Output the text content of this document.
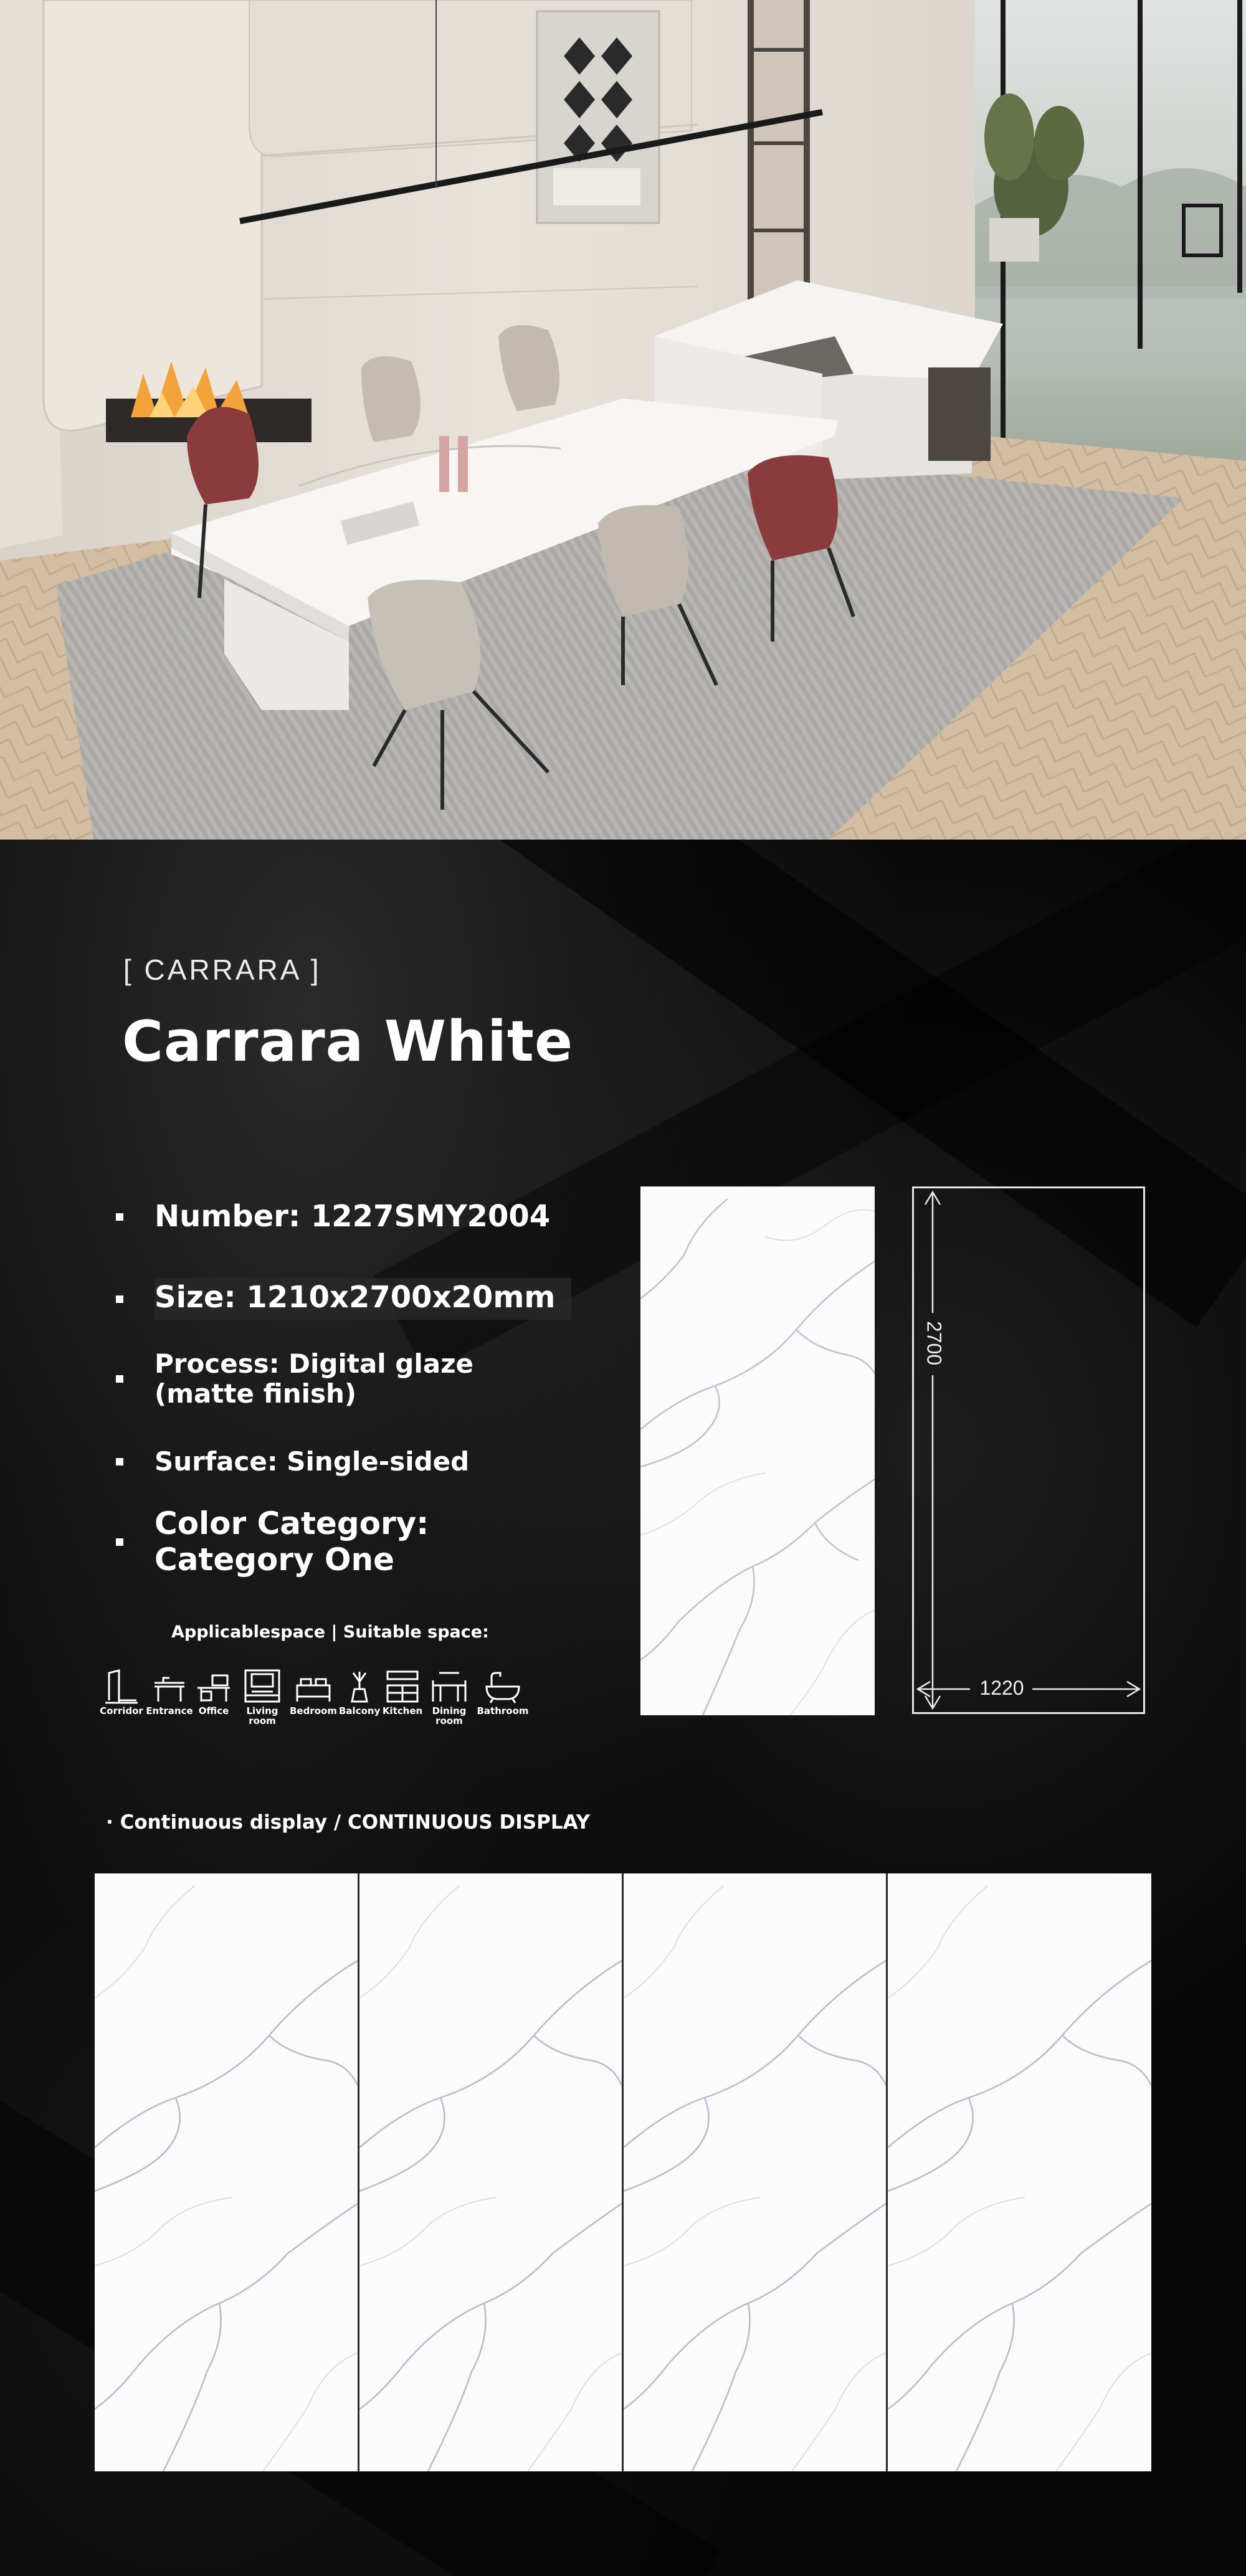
[ CARRARA ]
Carrara White
Number: 1227SMY2004
Size: 1210x2700x20mm
Process: Digital glaze
(matte finish)
Surface: Single-sided
Color Category:
Category One
Applicablespace | Suitable space:
Corridor Entrance Office	Living
room
Bedroom Balcony Kitchen	Dining
room
Bathroom
2700
1220
· Continuous display / CONTINUOUS DISPLAY
